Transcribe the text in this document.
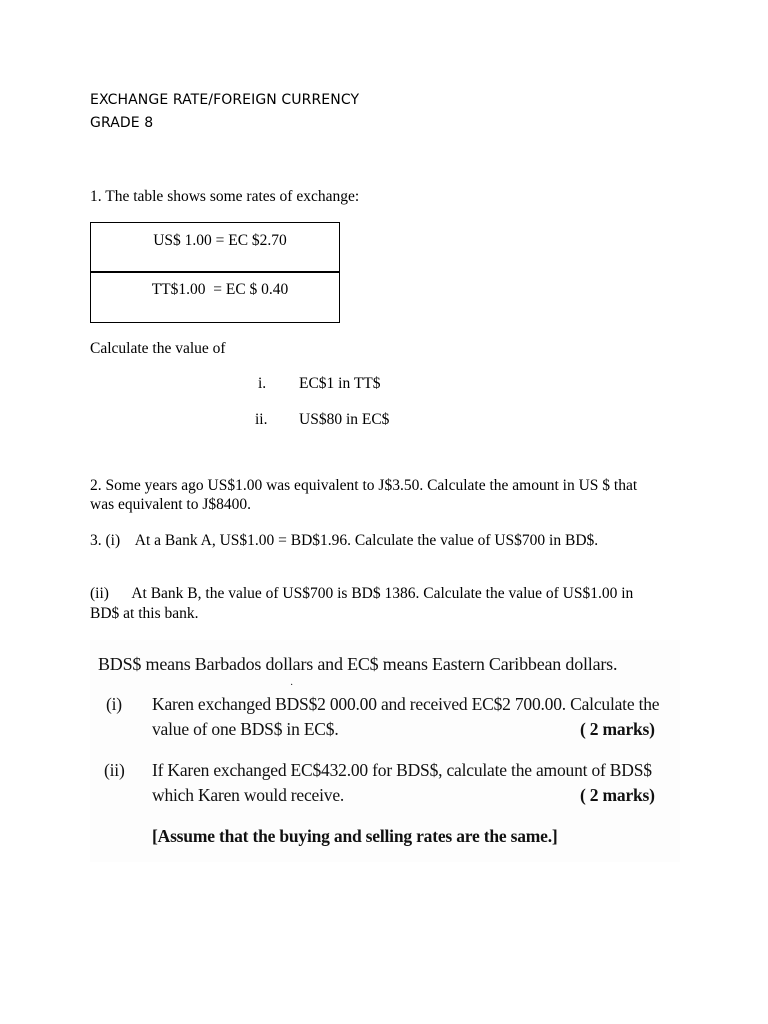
EXCHANGE RATE/FOREIGN CURRENCY
GRADE 8
1. The table shows some rates of exchange:
US$ 1.00 = EC $2.70
TT$1.00  = EC $ 0.40
Calculate the value of
i. EC$1 in TT$
ii. US$80 in EC$
2. Some years ago US$1.00 was equivalent to J$3.50. Calculate the amount in US $ that
was equivalent to J$8400.
3. (i)    At a Bank A, US$1.00 = BD$1.96. Calculate the value of US$700 in BD$.
(ii)      At Bank B, the value of US$700 is BD$ 1386. Calculate the value of US$1.00 in
BD$ at this bank.
BDS$ means Barbados dollars and EC$ means Eastern Caribbean dollars.
·
(i) Karen exchanged BDS$2 000.00 and received EC$2 700.00. Calculate the
value of one BDS$ in EC$.	( 2 marks)
(ii) If Karen exchanged EC$432.00 for BDS$, calculate the amount of BDS$
which Karen would receive.	( 2 marks)
[Assume that the buying and selling rates are the same.]
